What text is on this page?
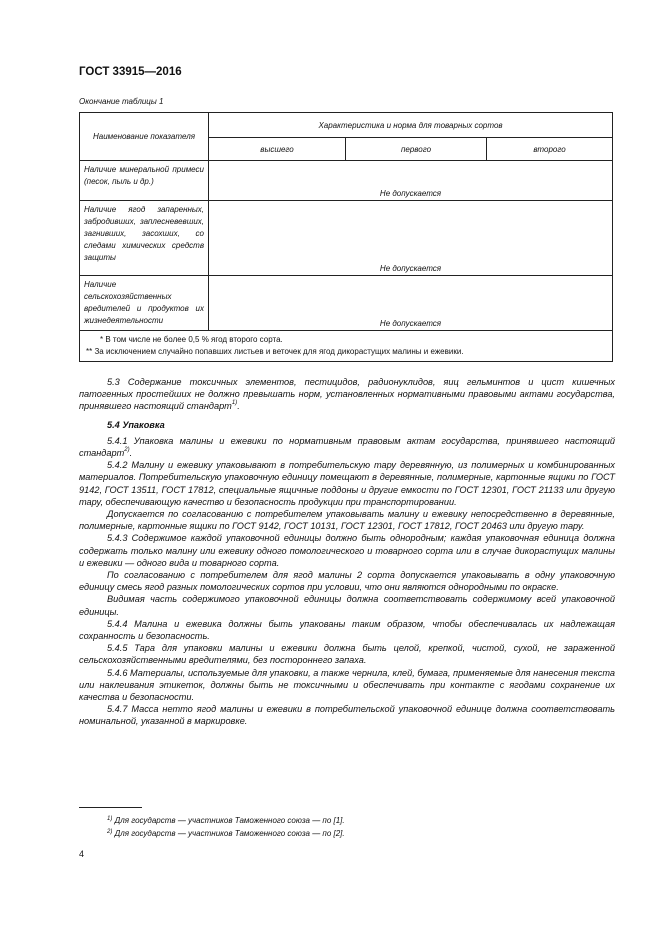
ГОСТ 33915—2016
Окончание таблицы 1
Наименование показателя	Характеристика и норма для товарных сортов		
	высшего	первого	второго
Наличие минеральной примеси (песок, пыль и др.)	Не допускается		
Наличие ягод запаренных, забродивших, заплесневевших, загнивших, засохших, со следами химических средств защиты	Не допускается		
Наличие сельскохозяйственных вредителей и продуктов их жизнедеятельности	Не допускается		

* В том числе не более 0,5 % ягод второго сорта.
** За исключением случайно попавших листьев и веточек для ягод дикорастущих малины и ежевики.			

5.3 Содержание токсичных элементов, пестицидов, радионуклидов, яиц гельминтов и цист кишечных патогенных простейших не должно превышать норм, установленных нормативными правовыми актами государства, принявшего настоящий стандарт$^{1)}$.

5.4 Упаковка

5.4.1 Упаковка малины и ежевики по нормативным правовым актам государства, принявшего настоящий стандарт$^{2)}$.

5.4.2 Малину и ежевику упаковывают в потребительскую тару деревянную, из полимерных и комбинированных материалов. Потребительскую упаковочную единицу помещают в деревянные, полимерные, картонные ящики по ГОСТ 9142, ГОСТ 13511, ГОСТ 17812, специальные ящичные поддоны и другие емкости по ГОСТ 12301, ГОСТ 21133 или другую тару, обеспечивающую качество и безопасность продукции при транспортировании.

Допускается по согласованию с потребителем упаковывать малину и ежевику непосредственно в деревянные, полимерные, картонные ящики по ГОСТ 9142, ГОСТ 10131, ГОСТ 12301, ГОСТ 17812, ГОСТ 20463 или другую тару.

5.4.3 Содержимое каждой упаковочной единицы должно быть однородным; каждая упаковочная единица должна содержать только малину или ежевику одного помологического и товарного сорта или в случае дикорастущих малины и ежевики — одного вида и товарного сорта.

По согласованию с потребителем для ягод малины 2 сорта допускается упаковывать в одну упаковочную единицу смесь ягод разных помологических сортов при условии, что они являются однородными по окраске.

Видимая часть содержимого упаковочной единицы должна соответствовать содержимому всей упаковочной единицы.

5.4.4 Малина и ежевика должны быть упакованы таким образом, чтобы обеспечивалась их надлежащая сохранность и безопасность.

5.4.5 Тара для упаковки малины и ежевики должна быть целой, крепкой, чистой, сухой, не зараженной сельскохозяйственными вредителями, без постороннего запаха.

5.4.6 Материалы, используемые для упаковки, а также чернила, клей, бумага, применяемые для нанесения текста или наклеивания этикеток, должны быть не токсичными и обеспечивать при контакте с ягодами сохранение их качества и безопасности.

5.4.7 Масса нетто ягод малины и ежевики в потребительской упаковочной единице должна соответствовать номинальной, указанной в маркировке.

$^{1)}$ Для государств — участников Таможенного союза — по [1].
$^{2)}$ Для государств — участников Таможенного союза — по [2].
4
